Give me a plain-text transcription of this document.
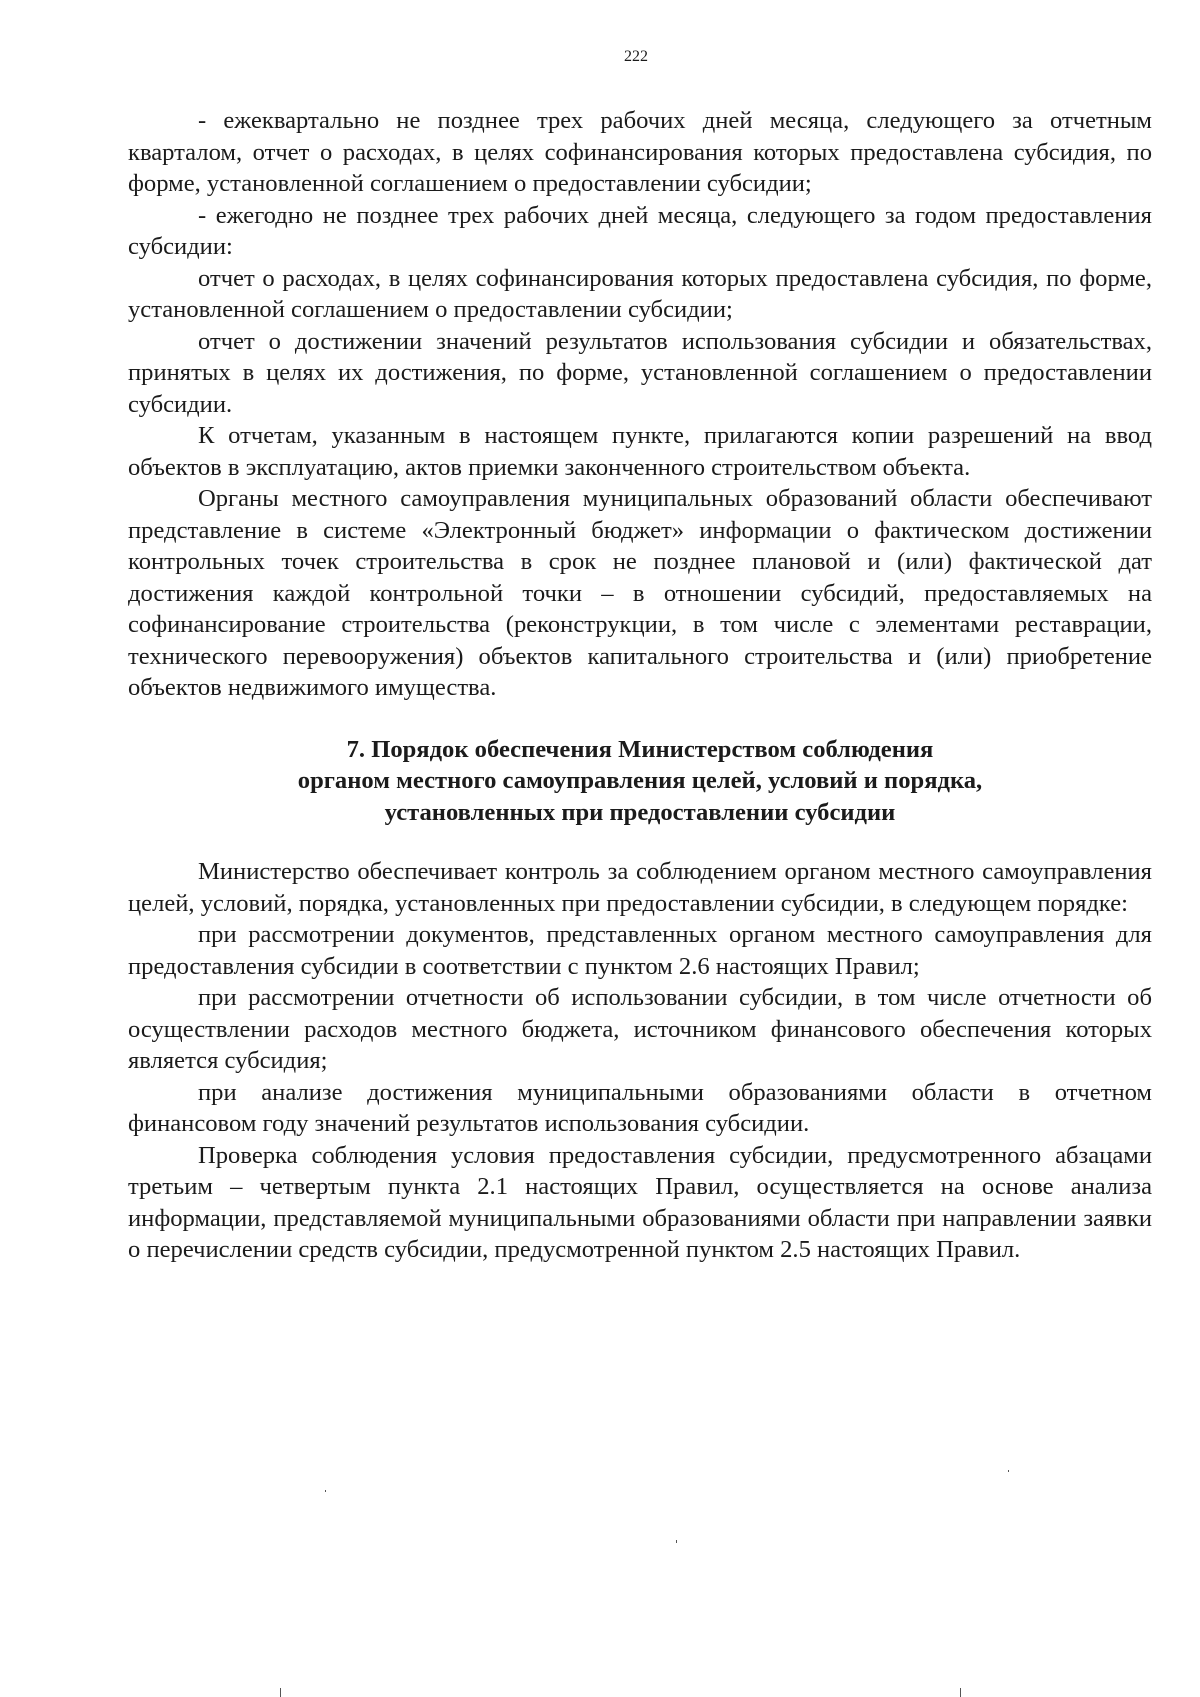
222

- ежеквартально не позднее трех рабочих дней месяца, следующего за отчетным кварталом, отчет о расходах, в целях софинансирования которых предоставлена субсидия, по форме, установленной соглашением о предоставлении субсидии;

- ежегодно не позднее трех рабочих дней месяца, следующего за годом предоставления субсидии:

отчет о расходах, в целях софинансирования которых предоставлена субсидия, по форме, установленной соглашением о предоставлении субсидии;

отчет о достижении значений результатов использования субсидии и обязательствах, принятых в целях их достижения, по форме, установленной соглашением о предоставлении субсидии.

К отчетам, указанным в настоящем пункте, прилагаются копии разрешений на ввод объектов в эксплуатацию, актов приемки законченного строительством объекта.

Органы местного самоуправления муниципальных образований области обеспечивают представление в системе «Электронный бюджет» информации о фактическом достижении контрольных точек строительства в срок не позднее плановой и (или) фактической дат достижения каждой контрольной точки – в отношении субсидий, предоставляемых на софинансирование строительства (реконструкции, в том числе с элементами реставрации, технического перевооружения) объектов капитального строительства и (или) приобретение объектов недвижимого имущества.

7. Порядок обеспечения Министерством соблюдения
органом местного самоуправления целей, условий и порядка,
установленных при предоставлении субсидии

Министерство обеспечивает контроль за соблюдением органом местного самоуправления целей, условий, порядка, установленных при предоставлении субсидии, в следующем порядке:

при рассмотрении документов, представленных органом местного самоуправления для предоставления субсидии в соответствии с пунктом 2.6 настоящих Правил;

при рассмотрении отчетности об использовании субсидии, в том числе отчетности об осуществлении расходов местного бюджета, источником финансового обеспечения которых является субсидия;

при анализе достижения муниципальными образованиями области в отчетном финансовом году значений результатов использования субсидии.

Проверка соблюдения условия предоставления субсидии, предусмотренного абзацами третьим – четвертым пункта 2.1 настоящих Правил, осуществляется на основе анализа информации, представляемой муниципальными образованиями области при направлении заявки о перечислении средств субсидии, предусмотренной пунктом 2.5 настоящих Правил.
